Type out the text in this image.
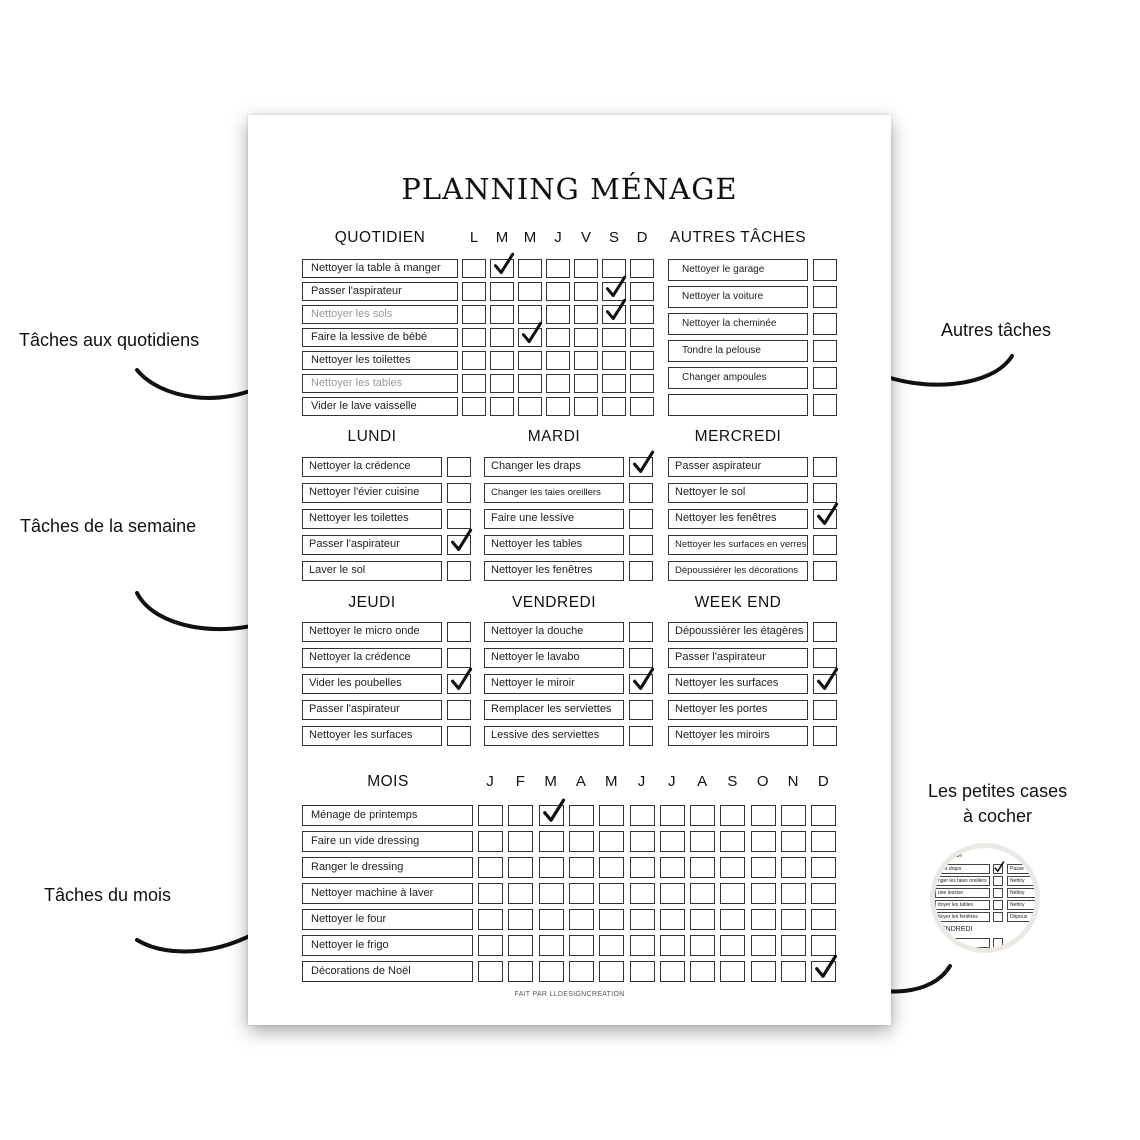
Tâches aux quotidiens
Tâches de la semaine
Tâches du mois
Autres tâches
Les petites cases
à cocher
PLANNING MÉNAGE
FAIT PAR LLDESIGNCREATION
QUOTIDIEN	L	M	M	J	V	S	D
Nettoyer la table à manger
Passer l'aspirateur
Nettoyer les sols
Faire la lessive de bébé
Nettoyer les toilettes
Nettoyer les tables
Vider le lave vaisselle
AUTRES TÂCHES
Nettoyer le garage
Nettoyer la voiture
Nettoyer la cheminée
Tondre la pelouse
Changer ampoules
LUNDI
Nettoyer la crédence
Nettoyer l'évier cuisine
Nettoyer les toilettes
Passer l'aspirateur
Laver le sol
MARDI
Changer les draps
Changer les taies oreillers
Faire une lessive
Nettoyer les tables
Nettoyer les fenêtres
MERCREDI
Passer aspirateur
Nettoyer le sol
Nettoyer les fenêtres
Nettoyer les surfaces en verres
Dépoussiérer les décorations
JEUDI
Nettoyer le micro onde
Nettoyer la crédence
Vider les poubelles
Passer l'aspirateur
Nettoyer les surfaces
VENDREDI
Nettoyer la douche
Nettoyer le lavabo
Nettoyer le miroir
Remplacer les serviettes
Lessive des serviettes
WEEK END
Dépoussiérer les étagères
Passer l'aspirateur
Nettoyer les surfaces
Nettoyer les portes
Nettoyer les miroirs
MOIS	J	F	M	A	M	J	J	A	S	O	N	D
Ménage de printemps
Faire un vide dressing
Ranger le dressing
Nettoyer machine à laver
Nettoyer le four
Nettoyer le frigo
Décorations de Noël
DI
r les draps
nger les taies oreillers
une lessive
ttoyer les tables
ttoyer les fenêtres
che
Passe
Nettoy
Nettoy
Nettoy
Dépous
ENDREDI
